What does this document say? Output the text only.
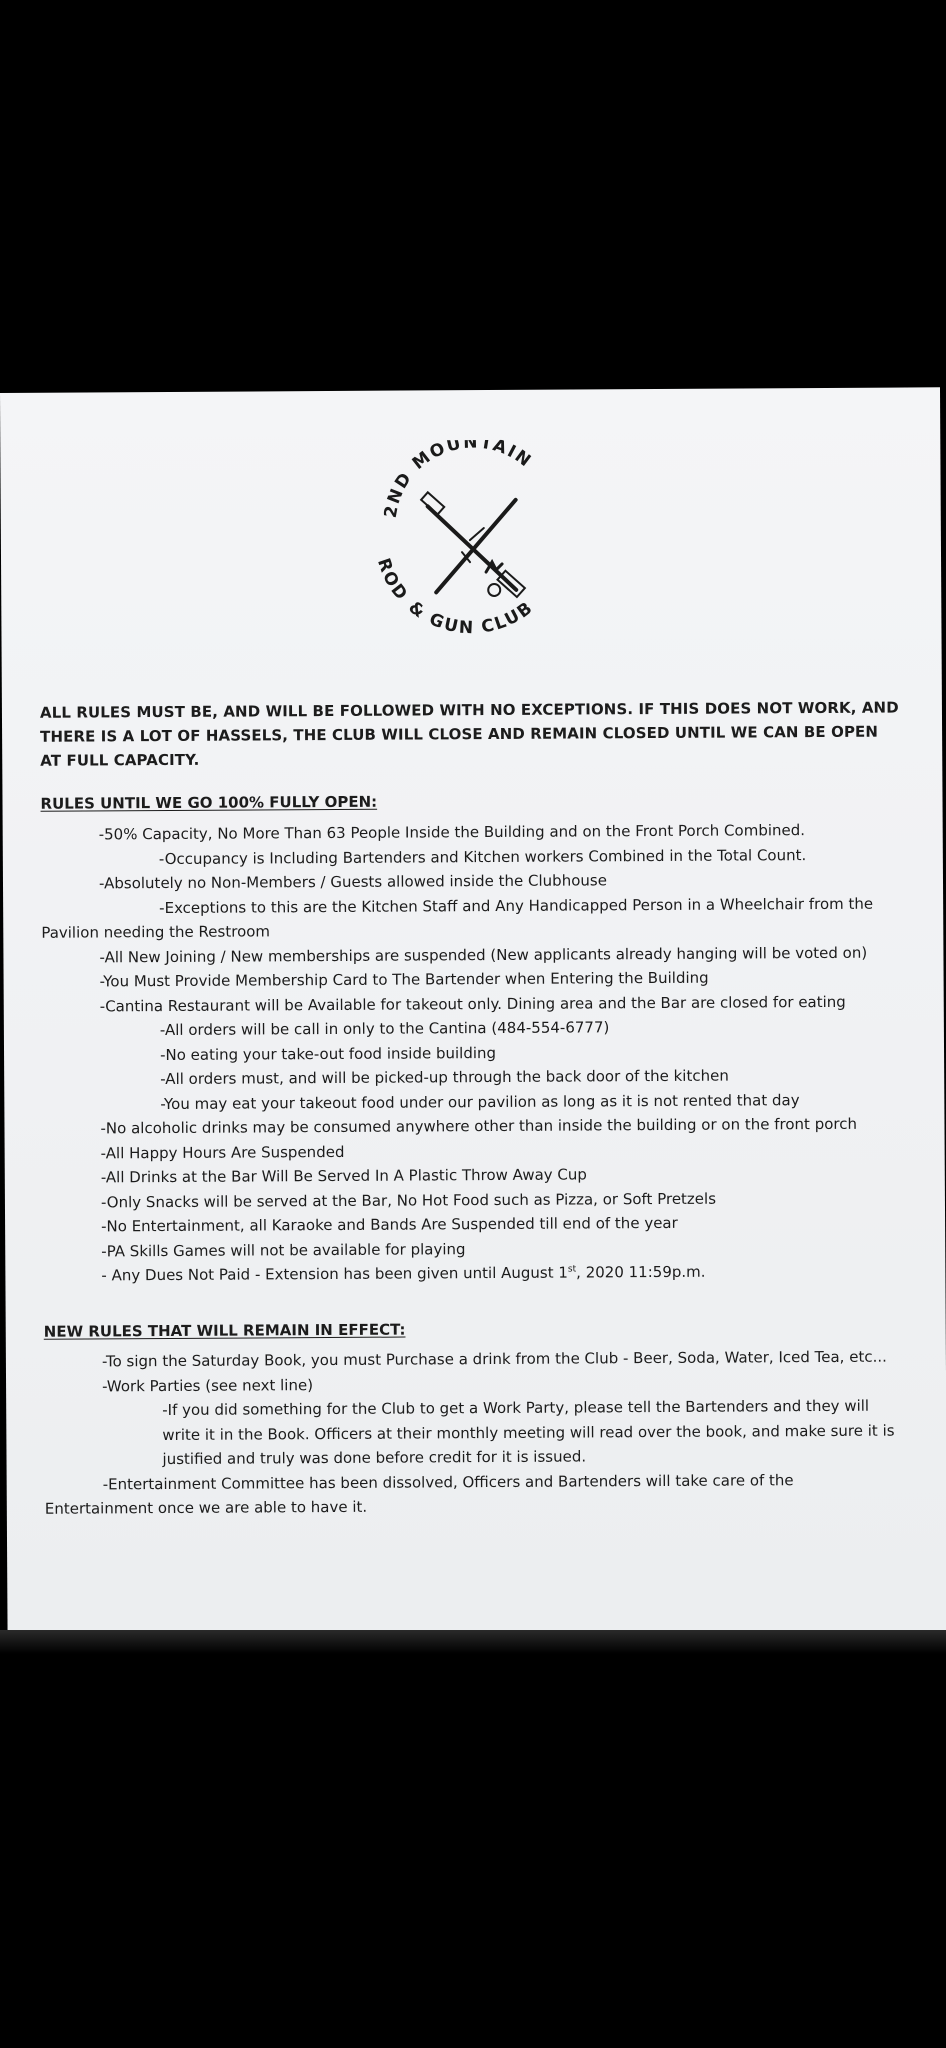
2ND MOUNTAIN
ROD & GUN CLUB
ALL RULES MUST BE, AND WILL BE FOLLOWED WITH NO EXCEPTIONS. IF THIS DOES NOT WORK, AND THERE IS A LOT OF HASSELS, THE CLUB WILL CLOSE AND REMAIN CLOSED UNTIL WE CAN BE OPEN AT FULL CAPACITY.
RULES UNTIL WE GO 100% FULLY OPEN:
-50% Capacity, No More Than 63 People Inside the Building and on the Front Porch Combined.
-Occupancy is Including Bartenders and Kitchen workers Combined in the Total Count.
-Absolutely no Non-Members / Guests allowed inside the Clubhouse
-Exceptions to this are the Kitchen Staff and Any Handicapped Person in a Wheelchair from the Pavilion needing the Restroom
-All New Joining / New memberships are suspended (New applicants already hanging will be voted on)
-You Must Provide Membership Card to The Bartender when Entering the Building
-Cantina Restaurant will be Available for takeout only. Dining area and the Bar are closed for eating
-All orders will be call in only to the Cantina (484-554-6777)
-No eating your take-out food inside building
-All orders must, and will be picked-up through the back door of the kitchen
-You may eat your takeout food under our pavilion as long as it is not rented that day
-No alcoholic drinks may be consumed anywhere other than inside the building or on the front porch
-All Happy Hours Are Suspended
-All Drinks at the Bar Will Be Served In A Plastic Throw Away Cup
-Only Snacks will be served at the Bar, No Hot Food such as Pizza, or Soft Pretzels
-No Entertainment, all Karaoke and Bands Are Suspended till end of the year
-PA Skills Games will not be available for playing
- Any Dues Not Paid - Extension has been given until August 1st, 2020 11:59p.m.
NEW RULES THAT WILL REMAIN IN EFFECT:
-To sign the Saturday Book, you must Purchase a drink from the Club - Beer, Soda, Water, Iced Tea, etc...
-Work Parties (see next line)
-If you did something for the Club to get a Work Party, please tell the Bartenders and they will write it in the Book. Officers at their monthly meeting will read over the book, and make sure it is justified and truly was done before credit for it is issued.
-Entertainment Committee has been dissolved, Officers and Bartenders will take care of the Entertainment once we are able to have it.
